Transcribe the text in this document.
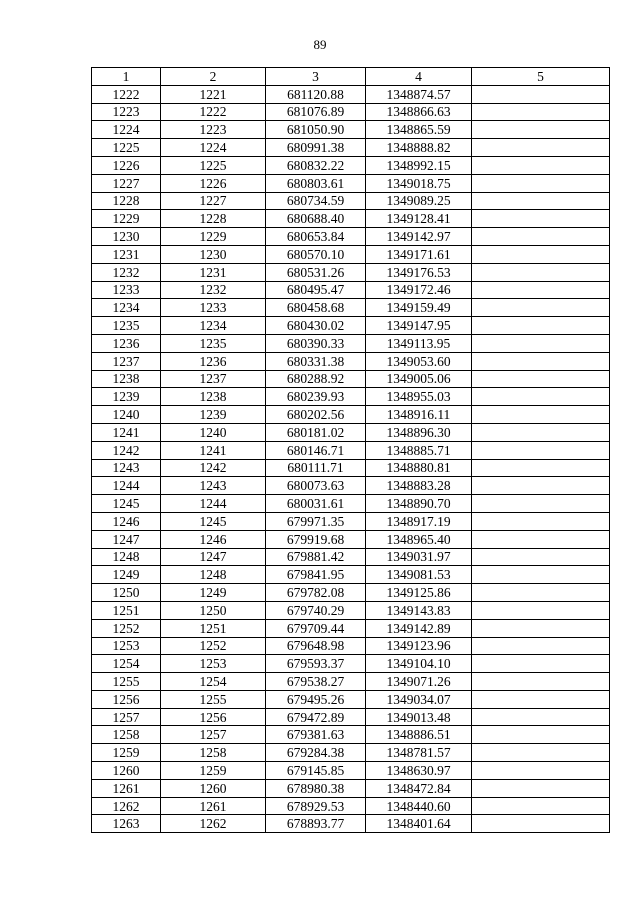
89
1	2	3	4	5
1222	1221	681120.88	1348874.57	
1223	1222	681076.89	1348866.63	
1224	1223	681050.90	1348865.59	
1225	1224	680991.38	1348888.82	
1226	1225	680832.22	1348992.15	
1227	1226	680803.61	1349018.75	
1228	1227	680734.59	1349089.25	
1229	1228	680688.40	1349128.41	
1230	1229	680653.84	1349142.97	
1231	1230	680570.10	1349171.61	
1232	1231	680531.26	1349176.53	
1233	1232	680495.47	1349172.46	
1234	1233	680458.68	1349159.49	
1235	1234	680430.02	1349147.95	
1236	1235	680390.33	1349113.95	
1237	1236	680331.38	1349053.60	
1238	1237	680288.92	1349005.06	
1239	1238	680239.93	1348955.03	
1240	1239	680202.56	1348916.11	
1241	1240	680181.02	1348896.30	
1242	1241	680146.71	1348885.71	
1243	1242	680111.71	1348880.81	
1244	1243	680073.63	1348883.28	
1245	1244	680031.61	1348890.70	
1246	1245	679971.35	1348917.19	
1247	1246	679919.68	1348965.40	
1248	1247	679881.42	1349031.97	
1249	1248	679841.95	1349081.53	
1250	1249	679782.08	1349125.86	
1251	1250	679740.29	1349143.83	
1252	1251	679709.44	1349142.89	
1253	1252	679648.98	1349123.96	
1254	1253	679593.37	1349104.10	
1255	1254	679538.27	1349071.26	
1256	1255	679495.26	1349034.07	
1257	1256	679472.89	1349013.48	
1258	1257	679381.63	1348886.51	
1259	1258	679284.38	1348781.57	
1260	1259	679145.85	1348630.97	
1261	1260	678980.38	1348472.84	
1262	1261	678929.53	1348440.60	
1263	1262	678893.77	1348401.64	
